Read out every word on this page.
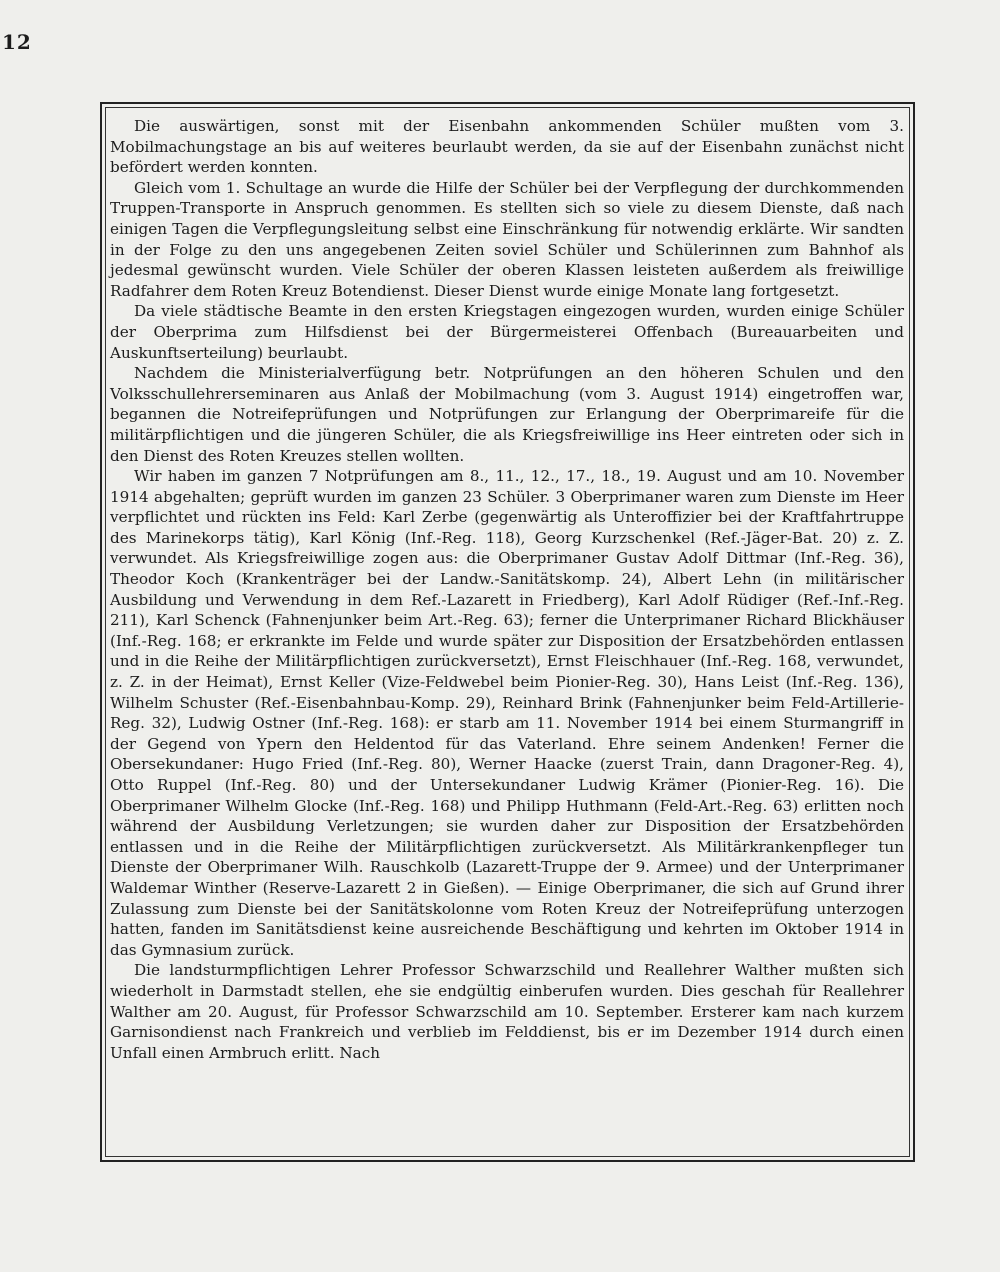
12

Die auswärtigen, sonst mit der Eisenbahn ankommenden Schüler mußten vom 3. Mobilmachungstage an bis auf weiteres beurlaubt werden, da sie auf der Eisenbahn zunächst nicht befördert werden konnten.

Gleich vom 1. Schultage an wurde die Hilfe der Schüler bei der Verpflegung der durchkommenden Truppen-Transporte in Anspruch genommen. Es stellten sich so viele zu diesem Dienste, daß nach einigen Tagen die Verpflegungsleitung selbst eine Einschränkung für notwendig erklärte. Wir sandten in der Folge zu den uns angegebenen Zeiten soviel Schüler und Schülerinnen zum Bahnhof als jedesmal gewünscht wurden. Viele Schüler der oberen Klassen leisteten außerdem als freiwillige Radfahrer dem Roten Kreuz Botendienst. Dieser Dienst wurde einige Monate lang fortgesetzt.

Da viele städtische Beamte in den ersten Kriegstagen eingezogen wurden, wurden einige Schüler der Oberprima zum Hilfsdienst bei der Bürgermeisterei Offenbach (Bureauarbeiten und Auskunftserteilung) beurlaubt.

Nachdem die Ministerialverfügung betr. Notprüfungen an den höheren Schulen und den Volksschullehrerseminaren aus Anlaß der Mobilmachung (vom 3. August 1914) eingetroffen war, begannen die Notreifeprüfungen und Notprüfungen zur Erlangung der Oberprimareife für die militärpflichtigen und die jüngeren Schüler, die als Kriegsfreiwillige ins Heer eintreten oder sich in den Dienst des Roten Kreuzes stellen wollten.

Wir haben im ganzen 7 Notprüfungen am 8., 11., 12., 17., 18., 19. August und am 10. November 1914 abgehalten; geprüft wurden im ganzen 23 Schüler. 3 Oberprimaner waren zum Dienste im Heer verpflichtet und rückten ins Feld: Karl Zerbe (gegenwärtig als Unteroffizier bei der Kraftfahrtruppe des Marinekorps tätig), Karl König (Inf.-Reg. 118), Georg Kurzschenkel (Ref.-Jäger-Bat. 20) z. Z. verwundet. Als Kriegsfreiwillige zogen aus: die Oberprimaner Gustav Adolf Dittmar (Inf.-Reg. 36), Theodor Koch (Krankenträger bei der Landw.-Sanitätskomp. 24), Albert Lehn (in militärischer Ausbildung und Verwendung in dem Ref.-Lazarett in Friedberg), Karl Adolf Rüdiger (Ref.-Inf.-Reg. 211), Karl Schenck (Fahnenjunker beim Art.-Reg. 63); ferner die Unterprimaner Richard Blickhäuser (Inf.-Reg. 168; er erkrankte im Felde und wurde später zur Disposition der Ersatzbehörden entlassen und in die Reihe der Militärpflichtigen zurückversetzt), Ernst Fleischhauer (Inf.-Reg. 168, verwundet, z. Z. in der Heimat), Ernst Keller (Vize-Feldwebel beim Pionier-Reg. 30), Hans Leist (Inf.-Reg. 136), Wilhelm Schuster (Ref.-Eisenbahnbau-Komp. 29), Reinhard Brink (Fahnenjunker beim Feld-Artillerie-Reg. 32), Ludwig Ostner (Inf.-Reg. 168): er starb am 11. November 1914 bei einem Sturmangriff in der Gegend von Ypern den Heldentod für das Vaterland. Ehre seinem Andenken! Ferner die Obersekundaner: Hugo Fried (Inf.-Reg. 80), Werner Haacke (zuerst Train, dann Dragoner-Reg. 4), Otto Ruppel (Inf.-Reg. 80) und der Untersekundaner Ludwig Krämer (Pionier-Reg. 16). Die Oberprimaner Wilhelm Glocke (Inf.-Reg. 168) und Philipp Huthmann (Feld-Art.-Reg. 63) erlitten noch während der Ausbildung Verletzungen; sie wurden daher zur Disposition der Ersatzbehörden entlassen und in die Reihe der Militärpflichtigen zurückversetzt. Als Militärkrankenpfleger tun Dienste der Oberprimaner Wilh. Rauschkolb (Lazarett-Truppe der 9. Armee) und der Unterprimaner Waldemar Winther (Reserve-Lazarett 2 in Gießen). — Einige Oberprimaner, die sich auf Grund ihrer Zulassung zum Dienste bei der Sanitätskolonne vom Roten Kreuz der Notreifeprüfung unterzogen hatten, fanden im Sanitätsdienst keine ausreichende Beschäftigung und kehrten im Oktober 1914 in das Gymnasium zurück.

Die landsturmpflichtigen Lehrer Professor Schwarzschild und Reallehrer Walther mußten sich wiederholt in Darmstadt stellen, ehe sie endgültig einberufen wurden. Dies geschah für Reallehrer Walther am 20. August, für Professor Schwarzschild am 10. September. Ersterer kam nach kurzem Garnisondienst nach Frankreich und verblieb im Felddienst, bis er im Dezember 1914 durch einen Unfall einen Armbruch erlitt. Nach
